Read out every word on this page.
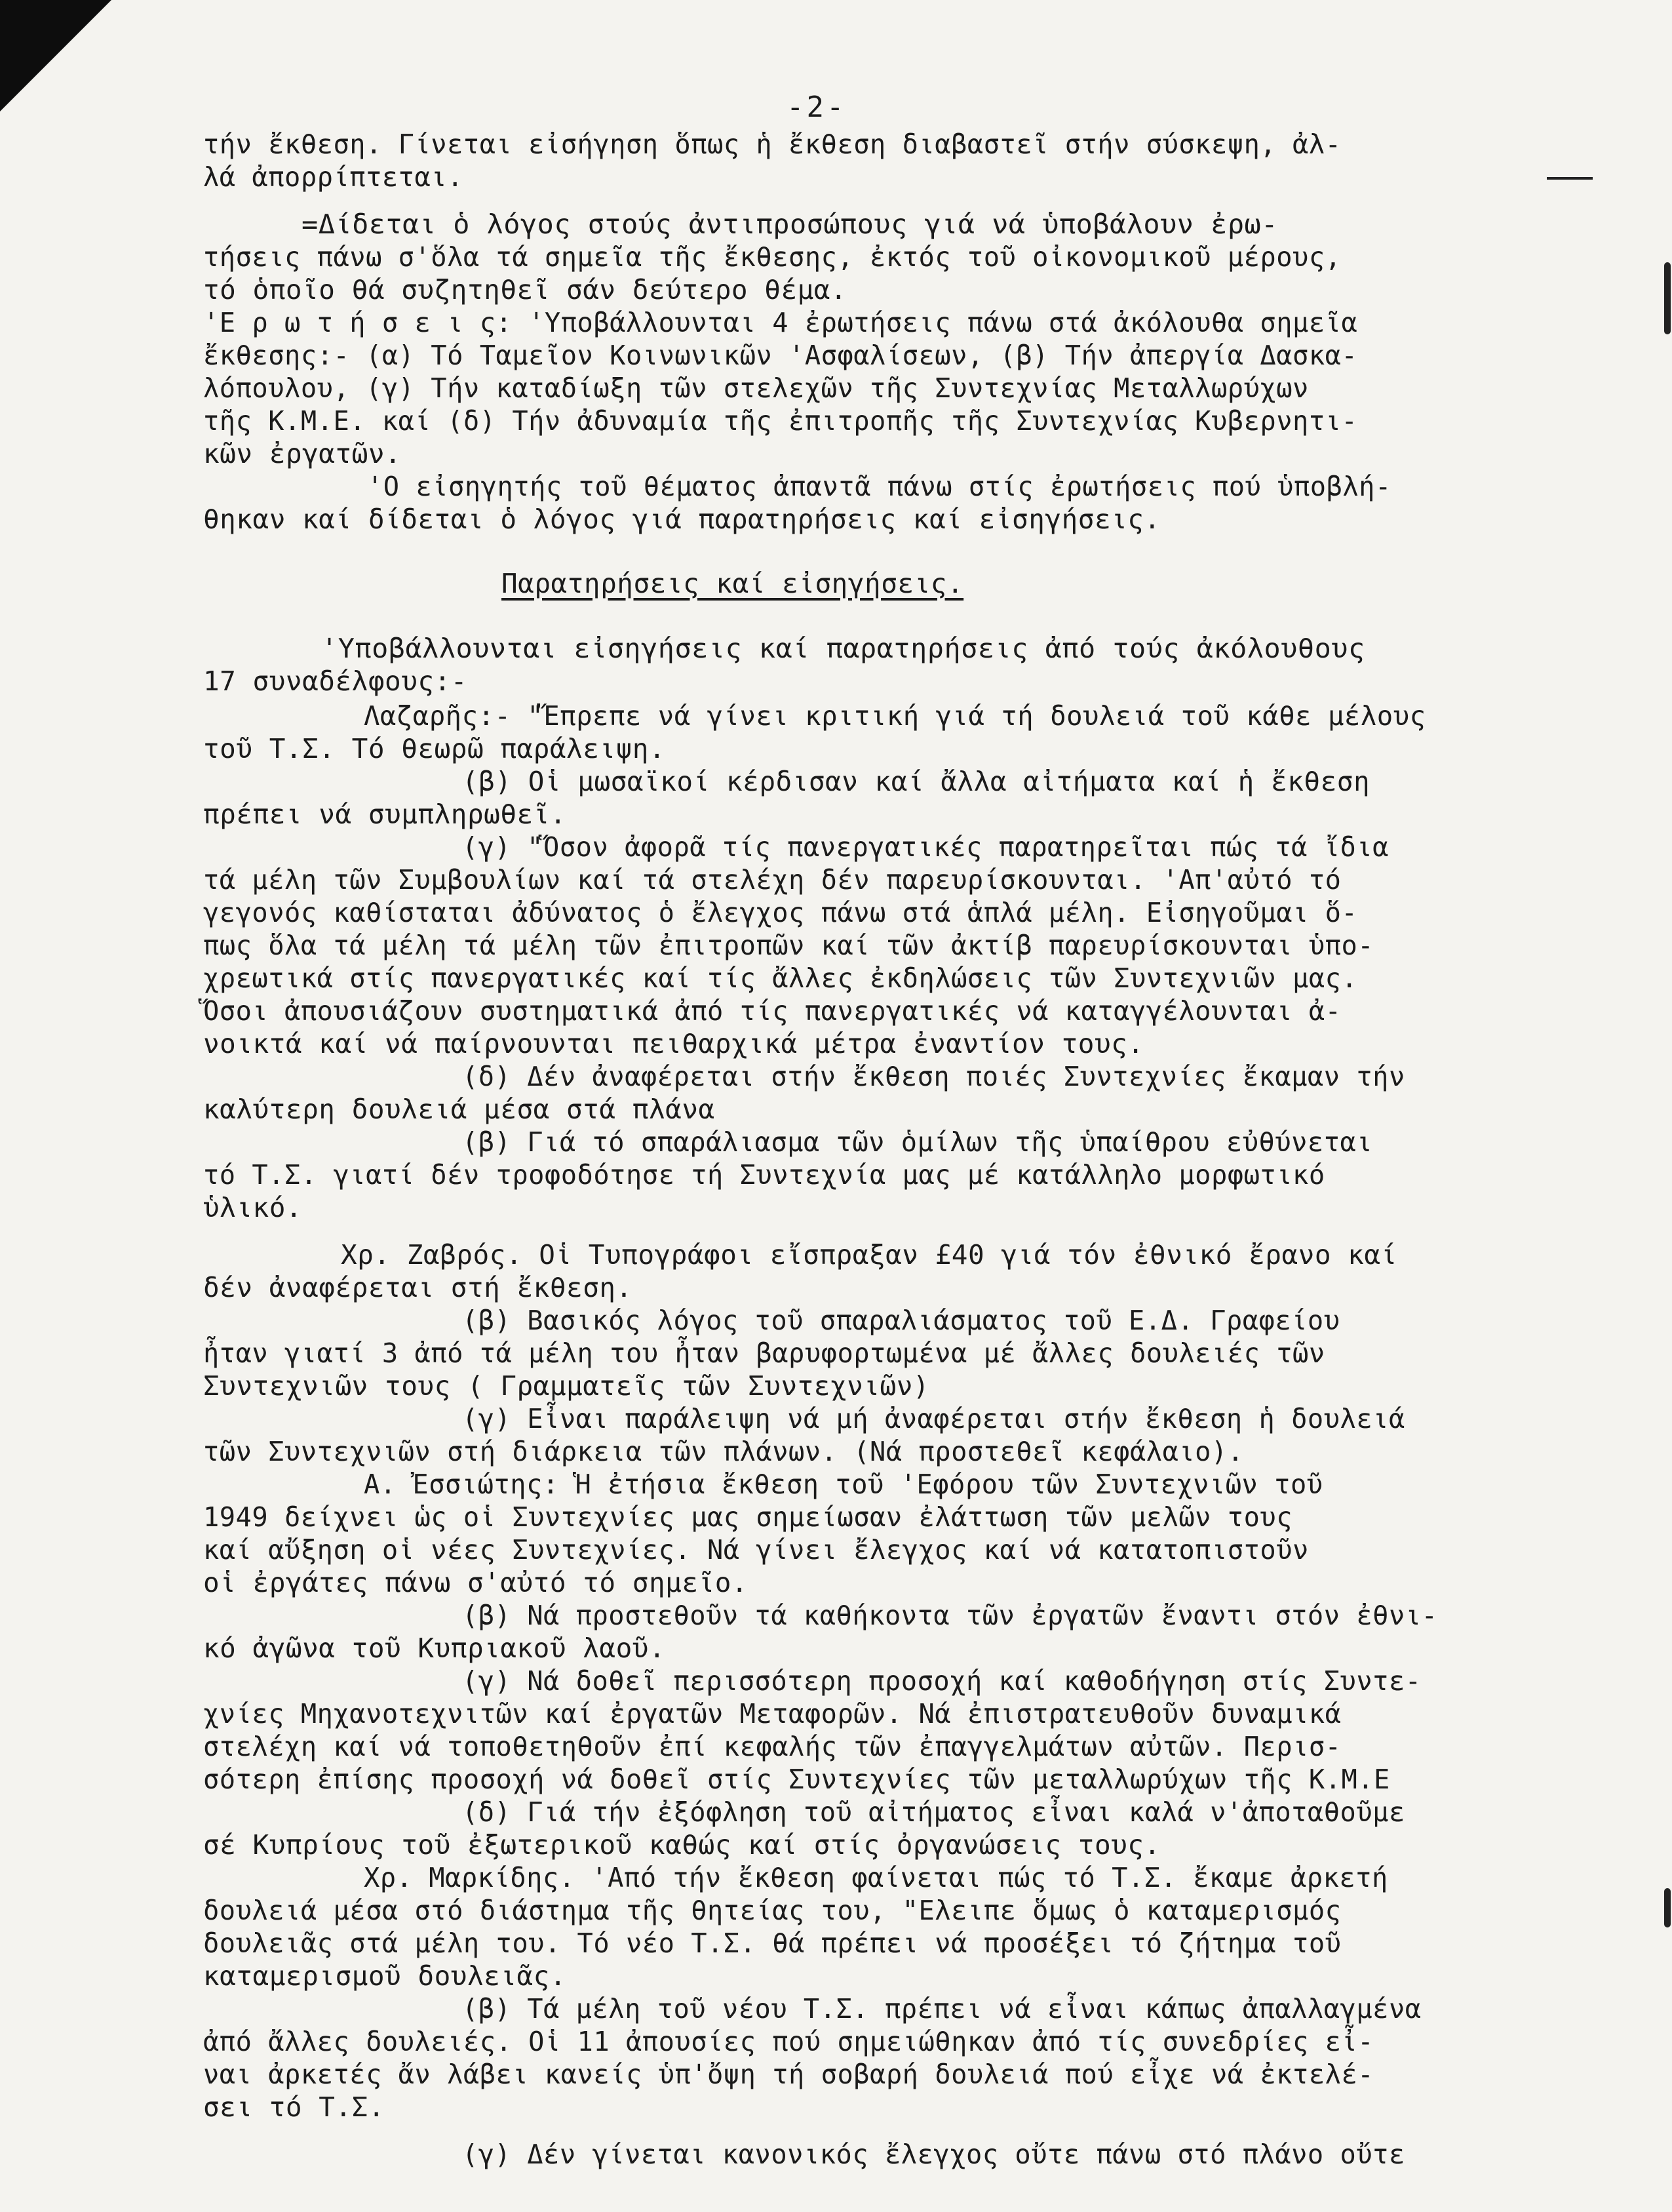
-2-
τήν ἔκθεση. Γίνεται εἰσήγηση ὅπως ἡ ἔκθεση διαβαστεῖ στήν σύσκεψη, ἀλ-
λά ἀπορρίπτεται.
=Δίδεται ὁ λόγος στούς ἀντιπροσώπους γιά νά ὑποβάλουν ἐρω-
τήσεις πάνω σ'ὅλα τά σημεῖα τῆς ἔκθεσης, ἐκτός τοῦ οἰκονομικοῦ μέρους,
τό ὁποῖο θά συζητηθεῖ σάν δεύτερο θέμα.
'Ε ρ ω τ ή σ ε ι ς: 'Υποβάλλουνται 4 ἐρωτήσεις πάνω στά ἀκόλουθα σημεῖα
ἔκθεσης:- (α) Τό Ταμεῖον Κοινωνικῶν 'Ασφαλίσεων, (β) Τήν ἀπεργία Δασκα-
λόπουλου, (γ) Τήν καταδίωξη τῶν στελεχῶν τῆς Συντεχνίας Μεταλλωρύχων
τῆς Κ.Μ.Ε. καί (δ) Τήν ἀδυναμία τῆς ἐπιτροπῆς τῆς Συντεχνίας Κυβερνητι-
κῶν ἐργατῶν.
'Ο εἰσηγητής τοῦ θέματος ἀπαντᾶ πάνω στίς ἐρωτήσεις πού ὑποβλή-
θηκαν καί δίδεται ὁ λόγος γιά παρατηρήσεις καί εἰσηγήσεις.
Παρατηρήσεις καί εἰσηγήσεις.
'Υποβάλλουνται εἰσηγήσεις καί παρατηρήσεις ἀπό τούς ἀκόλουθους
17 συναδέλφους:-
Λαζαρῆς:- "Ἔπρεπε νά γίνει κριτική γιά τή δουλειά τοῦ κάθε μέλους
τοῦ Τ.Σ. Τό θεωρῶ παράλειψη.
(β) Οἱ μωσαϊκοί κέρδισαν καί ἄλλα αἰτήματα καί ἡ ἔκθεση
πρέπει νά συμπληρωθεῖ.
(γ) "Ὅσον ἀφορᾶ τίς πανεργατικές παρατηρεῖται πώς τά ἴδια
τά μέλη τῶν Συμβουλίων καί τά στελέχη δέν παρευρίσκουνται. 'Απ'αὐτό τό
γεγονός καθίσταται ἀδύνατος ὁ ἔλεγχος πάνω στά ἁπλά μέλη. Εἰσηγοῦμαι ὅ-
πως ὅλα τά μέλη τά μέλη τῶν ἐπιτροπῶν καί τῶν ἀκτίβ παρευρίσκουνται ὑπο-
χρεωτικά στίς πανεργατικές καί τίς ἄλλες ἐκδηλώσεις τῶν Συντεχνιῶν μας.
Ὅσοι ἀπουσιάζουν συστηματικά ἀπό τίς πανεργατικές νά καταγγέλουνται ἀ-
νοικτά καί νά παίρνουνται πειθαρχικά μέτρα ἐναντίον τους.
(δ) Δέν ἀναφέρεται στήν ἔκθεση ποιές Συντεχνίες ἔκαμαν τήν
καλύτερη δουλειά μέσα στά πλάνα
(β) Γιά τό σπαράλιασμα τῶν ὁμίλων τῆς ὑπαίθρου εὐθύνεται
τό Τ.Σ. γιατί δέν τροφοδότησε τή Συντεχνία μας μέ κατάλληλο μορφωτικό
ὑλικό.
Χρ. Ζαβρός. Οἱ Τυπογράφοι εἴσπραξαν £40 γιά τόν ἐθνικό ἔρανο καί
δέν ἀναφέρεται στή ἔκθεση.
(β) Βασικός λόγος τοῦ σπαραλιάσματος τοῦ Ε.Δ. Γραφείου
ἦταν γιατί 3 ἀπό τά μέλη του ἦταν βαρυφορτωμένα μέ ἄλλες δουλειές τῶν
Συντεχνιῶν τους ( Γραμματεῖς τῶν Συντεχνιῶν)
(γ) Εἶναι παράλειψη νά μή ἀναφέρεται στήν ἔκθεση ἡ δουλειά
τῶν Συντεχνιῶν στή διάρκεια τῶν πλάνων. (Νά προστεθεῖ κεφάλαιο).
Α. Ἐσσιώτης: Ἡ ἐτήσια ἔκθεση τοῦ 'Εφόρου τῶν Συντεχνιῶν τοῦ
1949 δείχνει ὡς οἱ Συντεχνίες μας σημείωσαν ἐλάττωση τῶν μελῶν τους
καί αὔξηση οἱ νέες Συντεχνίες. Νά γίνει ἔλεγχος καί νά κατατοπιστοῦν
οἱ ἐργάτες πάνω σ'αὐτό τό σημεῖο.
(β) Νά προστεθοῦν τά καθήκοντα τῶν ἐργατῶν ἔναντι στόν ἐθνι-
κό ἀγῶνα τοῦ Κυπριακοῦ λαοῦ.
(γ) Νά δοθεῖ περισσότερη προσοχή καί καθοδήγηση στίς Συντε-
χνίες Μηχανοτεχνιτῶν καί ἐργατῶν Μεταφορῶν. Νά ἐπιστρατευθοῦν δυναμικά
στελέχη καί νά τοποθετηθοῦν ἐπί κεφαλής τῶν ἐπαγγελμάτων αὐτῶν. Περισ-
σότερη ἐπίσης προσοχή νά δοθεῖ στίς Συντεχνίες τῶν μεταλλωρύχων τῆς Κ.Μ.Ε
(δ) Γιά τήν ἐξόφληση τοῦ αἰτήματος εἶναι καλά ν'ἀποταθοῦμε
σέ Κυπρίους τοῦ ἐξωτερικοῦ καθώς καί στίς ὀργανώσεις τους.
Χρ. Μαρκίδης. 'Από τήν ἔκθεση φαίνεται πώς τό Τ.Σ. ἔκαμε ἀρκετή
δουλειά μέσα στό διάστημα τῆς θητείας του, "Ελειπε ὅμως ὁ καταμερισμός
δουλειᾶς στά μέλη του. Τό νέο Τ.Σ. θά πρέπει νά προσέξει τό ζήτημα τοῦ
καταμερισμοῦ δουλειᾶς.
(β) Τά μέλη τοῦ νέου Τ.Σ. πρέπει νά εἶναι κάπως ἀπαλλαγμένα
ἀπό ἄλλες δουλειές. Οἱ 11 ἀπουσίες πού σημειώθηκαν ἀπό τίς συνεδρίες εἶ-
ναι ἀρκετές ἄν λάβει κανείς ὑπ'ὄψη τή σοβαρή δουλειά πού εἶχε νά ἐκτελέ-
σει τό Τ.Σ.
(γ) Δέν γίνεται κανονικός ἔλεγχος οὔτε πάνω στό πλάνο οὔτε
